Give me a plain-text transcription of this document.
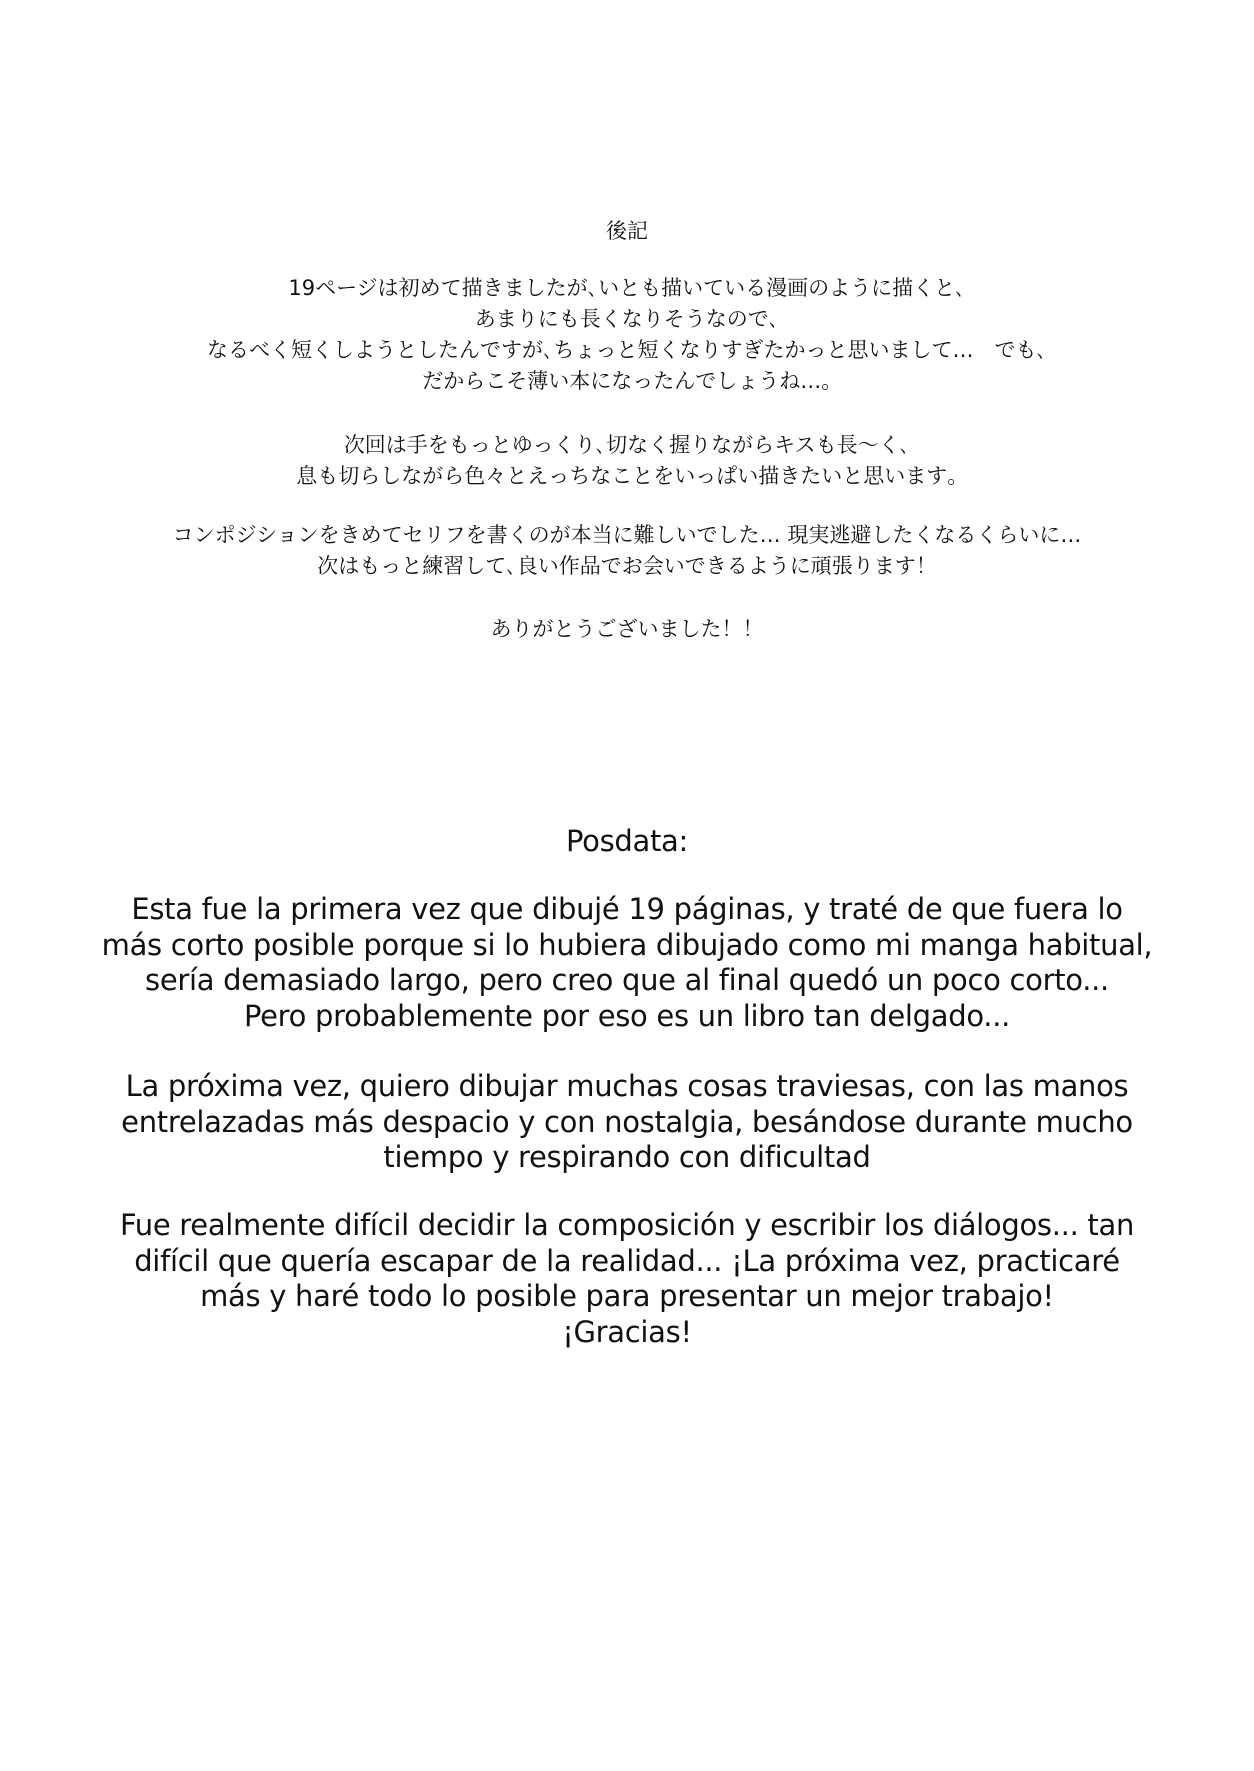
後記
19ページは初めて描きましたが､いとも描いている漫画のように描くと､
あまりにも長くなりそうなので､
なるべく短くしようとしたんですが､ちょっと短くなりすぎたかっと思いまして…　でも､
だからこそ薄い本になったんでしょうね…｡
次回は手をもっとゆっくり､切なく握りながらキスも長～く､
息も切らしながら色々とえっちなことをいっぱい描きたいと思います｡
コンポジションをきめてセリフを書くのが本当に難しいでした… 現実逃避したくなるくらいに…
次はもっと練習して､良い作品でお会いできるように頑張ります！
ありがとうございました！！
Posdata:
Esta fue la primera vez que dibujé 19 páginas, y traté de que fuera lo
más corto posible porque si lo hubiera dibujado como mi manga habitual,
sería demasiado largo, pero creo que al final quedó un poco corto...
Pero probablemente por eso es un libro tan delgado...
La próxima vez, quiero dibujar muchas cosas traviesas, con las manos
entrelazadas más despacio y con nostalgia, besándose durante mucho
tiempo y respirando con dificultad
Fue realmente difícil decidir la composición y escribir los diálogos... tan
difícil que quería escapar de la realidad... ¡La próxima vez, practicaré
más y haré todo lo posible para presentar un mejor trabajo!
¡Gracias!
